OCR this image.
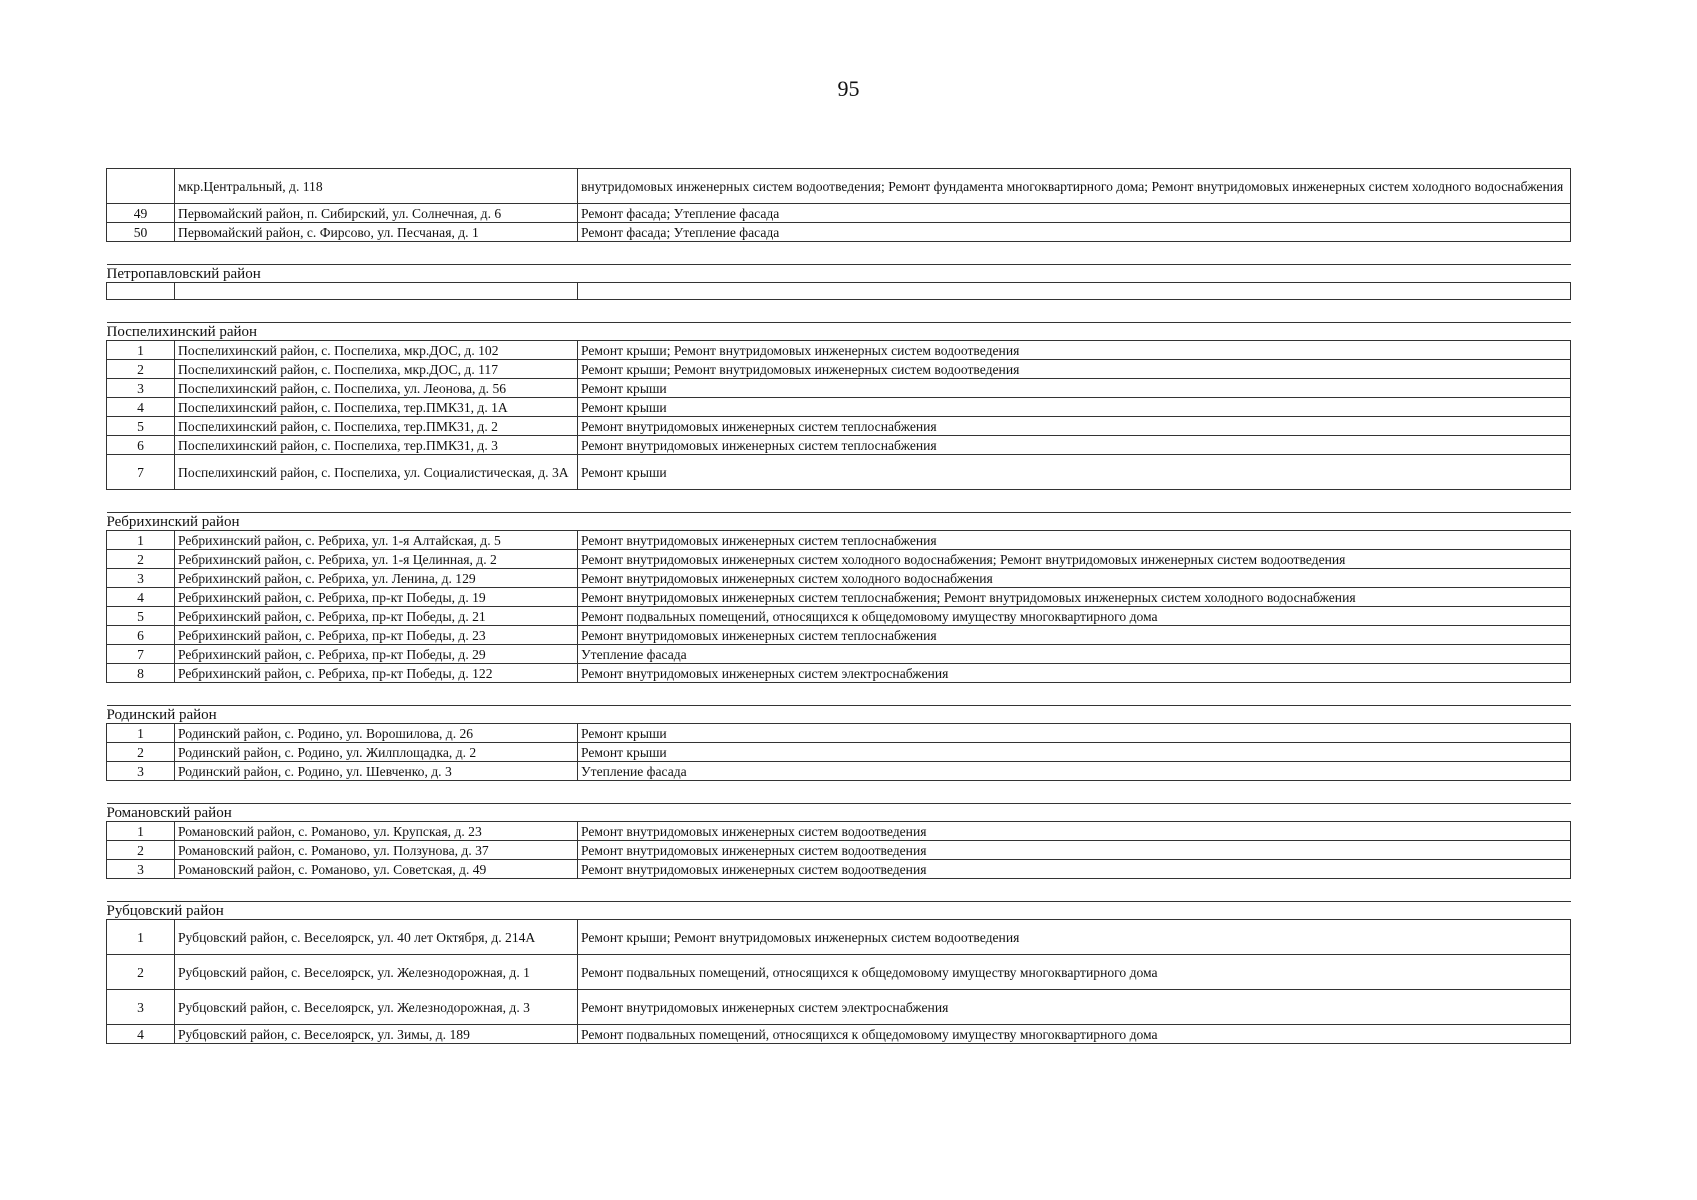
95
	мкр.Центральный, д. 118	внутридомовых инженерных систем водоотведения; Ремонт фундамента многоквартирного дома; Ремонт внутридомовых инженерных систем холодного водоснабжения
49	Первомайский район, п. Сибирский, ул. Солнечная, д. 6	Ремонт фасада; Утепление фасада
50	Первомайский район, с. Фирсово, ул. Песчаная, д. 1	Ремонт фасада; Утепление фасада

Петропавловский район		

Поспелихинский район		
1	Поспелихинский район, с. Поспелиха, мкр.ДОС, д. 102	Ремонт крыши; Ремонт внутридомовых инженерных систем водоотведения
2	Поспелихинский район, с. Поспелиха, мкр.ДОС, д. 117	Ремонт крыши; Ремонт внутридомовых инженерных систем водоотведения
3	Поспелихинский район, с. Поспелиха, ул. Леонова, д. 56	Ремонт крыши
4	Поспелихинский район, с. Поспелиха, тер.ПМК31, д. 1А	Ремонт крыши
5	Поспелихинский район, с. Поспелиха, тер.ПМК31, д. 2	Ремонт внутридомовых инженерных систем теплоснабжения
6	Поспелихинский район, с. Поспелиха, тер.ПМК31, д. 3	Ремонт внутридомовых инженерных систем теплоснабжения
7	Поспелихинский район, с. Поспелиха, ул. Социалистическая, д. 3А	Ремонт крыши

Ребрихинский район		
1	Ребрихинский район, с. Ребриха, ул. 1-я Алтайская, д. 5	Ремонт внутридомовых инженерных систем теплоснабжения
2	Ребрихинский район, с. Ребриха, ул. 1-я Целинная, д. 2	Ремонт внутридомовых инженерных систем холодного водоснабжения; Ремонт внутридомовых инженерных систем водоотведения
3	Ребрихинский район, с. Ребриха, ул. Ленина, д. 129	Ремонт внутридомовых инженерных систем холодного водоснабжения
4	Ребрихинский район, с. Ребриха, пр-кт Победы, д. 19	Ремонт внутридомовых инженерных систем теплоснабжения; Ремонт внутридомовых инженерных систем холодного водоснабжения
5	Ребрихинский район, с. Ребриха, пр-кт Победы, д. 21	Ремонт подвальных помещений, относящихся к общедомовому имуществу многоквартирного дома
6	Ребрихинский район, с. Ребриха, пр-кт Победы, д. 23	Ремонт внутридомовых инженерных систем теплоснабжения
7	Ребрихинский район, с. Ребриха, пр-кт Победы, д. 29	Утепление фасада
8	Ребрихинский район, с. Ребриха, пр-кт Победы, д. 122	Ремонт внутридомовых инженерных систем электроснабжения

Родинский район		
1	Родинский район, с. Родино, ул. Ворошилова, д. 26	Ремонт крыши
2	Родинский район, с. Родино, ул. Жилплощадка, д. 2	Ремонт крыши
3	Родинский район, с. Родино, ул. Шевченко, д. 3	Утепление фасада

Романовский район		
1	Романовский район, с. Романово, ул. Крупская, д. 23	Ремонт внутридомовых инженерных систем водоотведения
2	Романовский район, с. Романово, ул. Ползунова, д. 37	Ремонт внутридомовых инженерных систем водоотведения
3	Романовский район, с. Романово, ул. Советская, д. 49	Ремонт внутридомовых инженерных систем водоотведения

Рубцовский район		
1	Рубцовский район, с. Веселоярск, ул. 40 лет Октября, д. 214А	Ремонт крыши; Ремонт внутридомовых инженерных систем водоотведения
2	Рубцовский район, с. Веселоярск, ул. Железнодорожная, д. 1	Ремонт подвальных помещений, относящихся к общедомовому имуществу многоквартирного дома
3	Рубцовский район, с. Веселоярск, ул. Железнодорожная, д. 3	Ремонт внутридомовых инженерных систем электроснабжения
4	Рубцовский район, с. Веселоярск, ул. Зимы, д. 189	Ремонт подвальных помещений, относящихся к общедомовому имуществу многоквартирного дома
